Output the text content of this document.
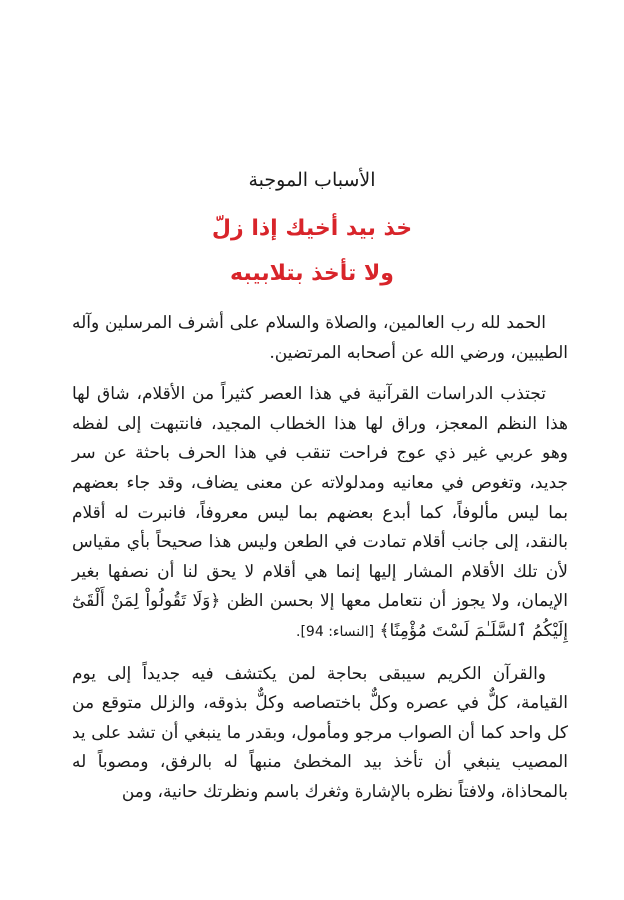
الأسباب الموجبة
خذ بيد أخيك إذا زلّ
ولا تأخذ بتلابيبه

الحمد لله رب العالمين، والصلاة والسلام على أشرف المرسلين وآله الطيبين، ورضي الله عن أصحابه المرتضين.

تجتذب الدراسات القرآنية في هذا العصر كثيراً من الأقلام، شاق لها هذا النظم المعجز، وراق لها هذا الخطاب المجيد، فانتبهت إلى لفظه وهو عربي غير ذي عوج فراحت تنقب في هذا الحرف باحثة عن سر جديد، وتغوص في معانيه ومدلولاته عن معنى يضاف، وقد جاء بعضهم بما ليس مألوفاً، كما أبدع بعضهم بما ليس معروفاً، فانبرت له أقلام بالنقد، إلى جانب أقلام تمادت في الطعن وليس هذا صحيحاً بأي مقياس لأن تلك الأقلام المشار إليها إنما هي أقلام لا يحق لنا أن نصفها بغير الإيمان، ولا يجوز أن نتعامل معها إلا بحسن الظن ﴿وَلَا تَقُولُواْ لِمَنْ أَلْقَىٰٓ إِلَيْكُمُ ٱلسَّلَـٰمَ لَسْتَ مُؤْمِنًا﴾ [النساء: 94].

والقرآن الكريم سيبقى بحاجة لمن يكتشف فيه جديداً إلى يوم القيامة، كلٌّ في عصره وكلٌّ باختصاصه وكلٌّ بذوقه، والزلل متوقع من كل واحد كما أن الصواب مرجو ومأمول، وبقدر ما ينبغي أن تشد على يد المصيب ينبغي أن تأخذ بيد المخطئ منبهاً له بالرفق، ومصوباً له بالمحاذاة، ولافتاً نظره بالإشارة وثغرك باسم ونظرتك حانية، ومن
